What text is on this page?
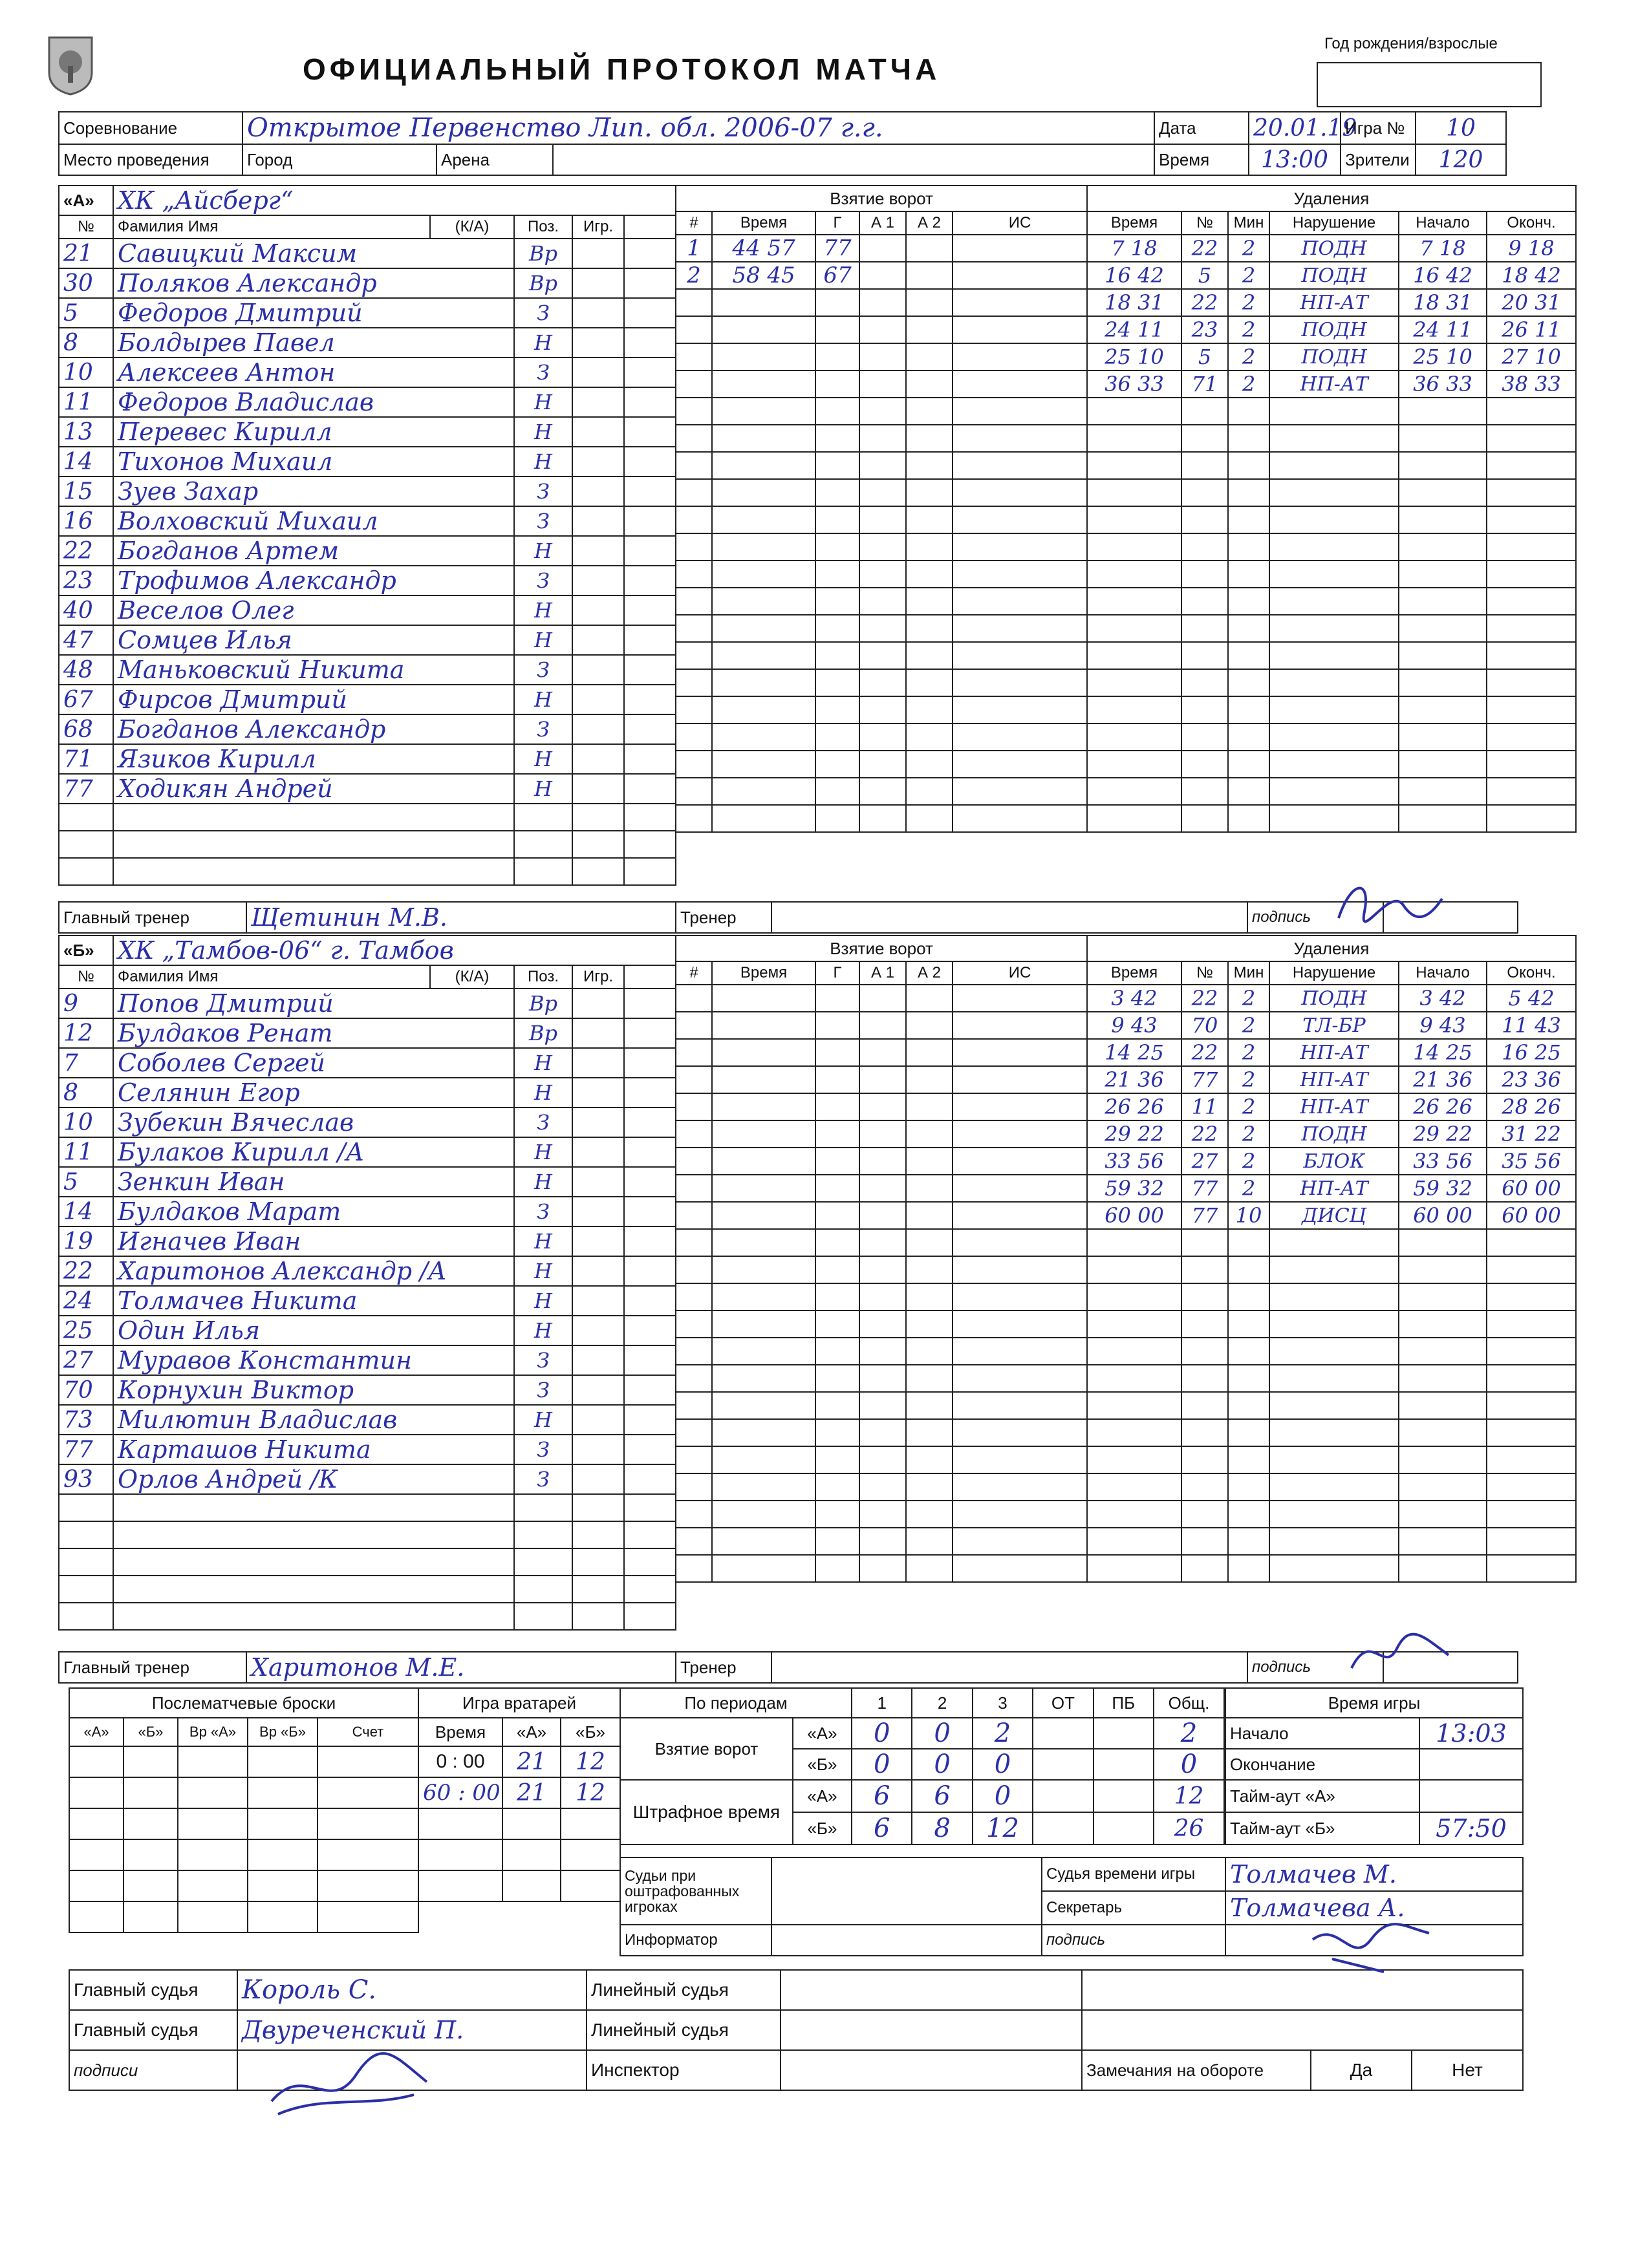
ОФИЦИАЛЬНЫЙ ПРОТОКОЛ МАТЧА
Год рождения/взрослые
Соревнование	Открытое Первенство Лип. обл. 2006-07 г.г.			Дата	20.01.19	Игра №	10
Место проведения	Город	Арена		Время	13:00	Зрители	120
«А»	ХК „Айсберг“				
№	Фамилия Имя	(К/А)	Поз.	Игр.	
21	Савицкий Максим		Вр		
30	Поляков Александр		Вр		
5	Федоров Дмитрий		З		
8	Болдырев Павел		Н		
10	Алексеев Антон		З		
11	Федоров Владислав		Н		
13	Перевес Кирилл		Н		
14	Тихонов Михаил		Н		
15	Зуев Захар		З		
16	Волховский Михаил		З		
22	Богданов Артем		Н		
23	Трофимов Александр		З		
40	Веселов Олег		Н		
47	Сомцев Илья		Н		
48	Маньковский Никита		З		
67	Фирсов Дмитрий		Н		
68	Богданов Александр		З		
71	Язиков Кирилл		Н		
77	Ходикян Андрей		Н		

Взятие ворот					
#	Время	Г	А 1	А 2	ИС
1	44 57	77			
2	58 45	67			

Удаления					
Время	№	Мин	Нарушение	Начало	Оконч.
7 18	22	2	ПОДН	7 18	9 18
16 42	5	2	ПОДН	16 42	18 42
18 31	22	2	НП-АТ	18 31	20 31
24 11	23	2	ПОДН	24 11	26 11
25 10	5	2	ПОДН	25 10	27 10
36 33	71	2	НП-АТ	36 33	38 33

Главный тренер	Щетинин М.В.	Тренер		подпись	
«Б»	ХК „Тамбов-06“ г. Тамбов				
№	Фамилия Имя	(К/А)	Поз.	Игр.	
9	Попов Дмитрий		Вр		
12	Булдаков Ренат		Вр		
7	Соболев Сергей		Н		
8	Селянин Егор		Н		
10	Зубекин Вячеслав		З		
11	Булаков Кирилл /А		Н		
5	Зенкин Иван		Н		
14	Булдаков Марат		З		
19	Игначев Иван		Н		
22	Харитонов Александр /А		Н		
24	Толмачев Никита		Н		
25	Один Илья		Н		
27	Муравов Константин		З		
70	Корнухин Виктор		З		
73	Милютин Владислав		Н		
77	Карташов Никита		З		
93	Орлов Андрей /К		З		

Взятие ворот					
#	Время	Г	А 1	А 2	ИС

Удаления					
Время	№	Мин	Нарушение	Начало	Оконч.
3 42	22	2	ПОДН	3 42	5 42
9 43	70	2	ТЛ-БР	9 43	11 43
14 25	22	2	НП-АТ	14 25	16 25
21 36	77	2	НП-АТ	21 36	23 36
26 26	11	2	НП-АТ	26 26	28 26
29 22	22	2	ПОДН	29 22	31 22
33 56	27	2	БЛОК	33 56	35 56
59 32	77	2	НП-АТ	59 32	60 00
60 00	77	10	ДИСЦ	60 00	60 00

Главный тренер	Харитонов М.Е.	Тренер		подпись	
Послематчевые броски				
«А»	«Б»	Вр «А»	Вр «Б»	Счет

Игра вратарей		
Время	«А»	«Б»
0 : 00	21	12
60 : 00	21	12

По периодам		1	2	3	ОТ	ПБ	Общ.
Взятие ворот	«А»	0	0	2			2
	«Б»	0	0	0			0
Штрафное время	«А»	6	6	0			12
	«Б»	6	8	12			26
Время игры	
Начало	13:03
Окончание	
Тайм-аут «А»	
Тайм-аут «Б»	57:50
Судьи при оштрафованных игроках		Судья времени игры	Толмачев М.
		Секретарь	Толмачева А.
Информатор		подпись	
Главный судья	Король С.	Линейный судья				
Главный судья	Двуреченский П.	Линейный судья				
подписи		Инспектор		Замечания на обороте	Да	Нет
